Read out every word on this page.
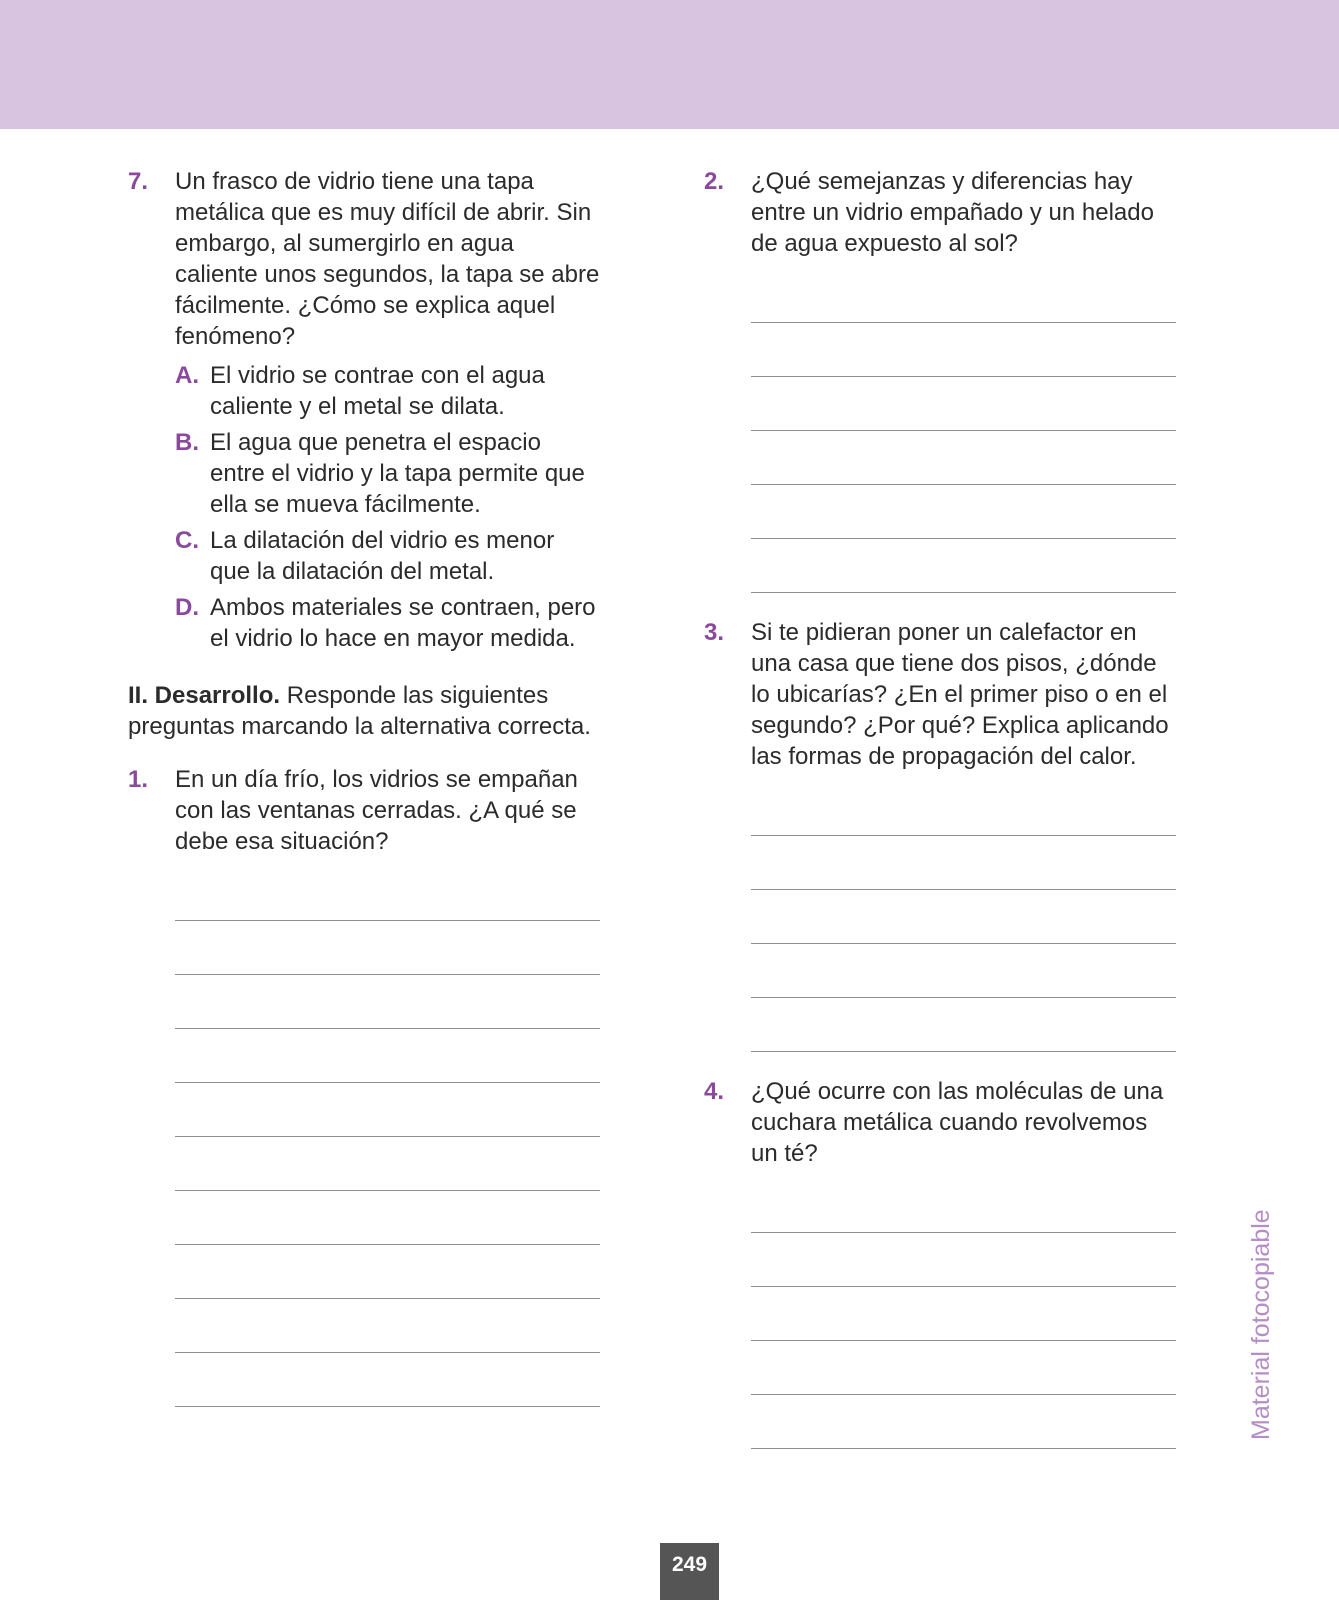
7. Un frasco de vidrio tiene una tapa metálica que es muy difícil de abrir. Sin embargo, al sumergirlo en agua caliente unos segundos, la tapa se abre fácilmente. ¿Cómo se explica aquel fenómeno?
A. El vidrio se contrae con el agua caliente y el metal se dilata.
B. El agua que penetra el espacio entre el vidrio y la tapa permite que ella se mueva fácilmente.
C. La dilatación del vidrio es menor que la dilatación del metal.
D. Ambos materiales se contraen, pero el vidrio lo hace en mayor medida.
II. Desarrollo. Responde las siguientes preguntas marcando la alternativa correcta.
1. En un día frío, los vidrios se empañan con las ventanas cerradas. ¿A qué se debe esa situación?
2. ¿Qué semejanzas y diferencias hay entre un vidrio empañado y un helado de agua expuesto al sol?
3. Si te pidieran poner un calefactor en una casa que tiene dos pisos, ¿dónde lo ubicarías? ¿En el primer piso o en el segundo? ¿Por qué? Explica aplicando las formas de propagación del calor.
4. ¿Qué ocurre con las moléculas de una cuchara metálica cuando revolvemos un té?
Material fotocopiable
249
